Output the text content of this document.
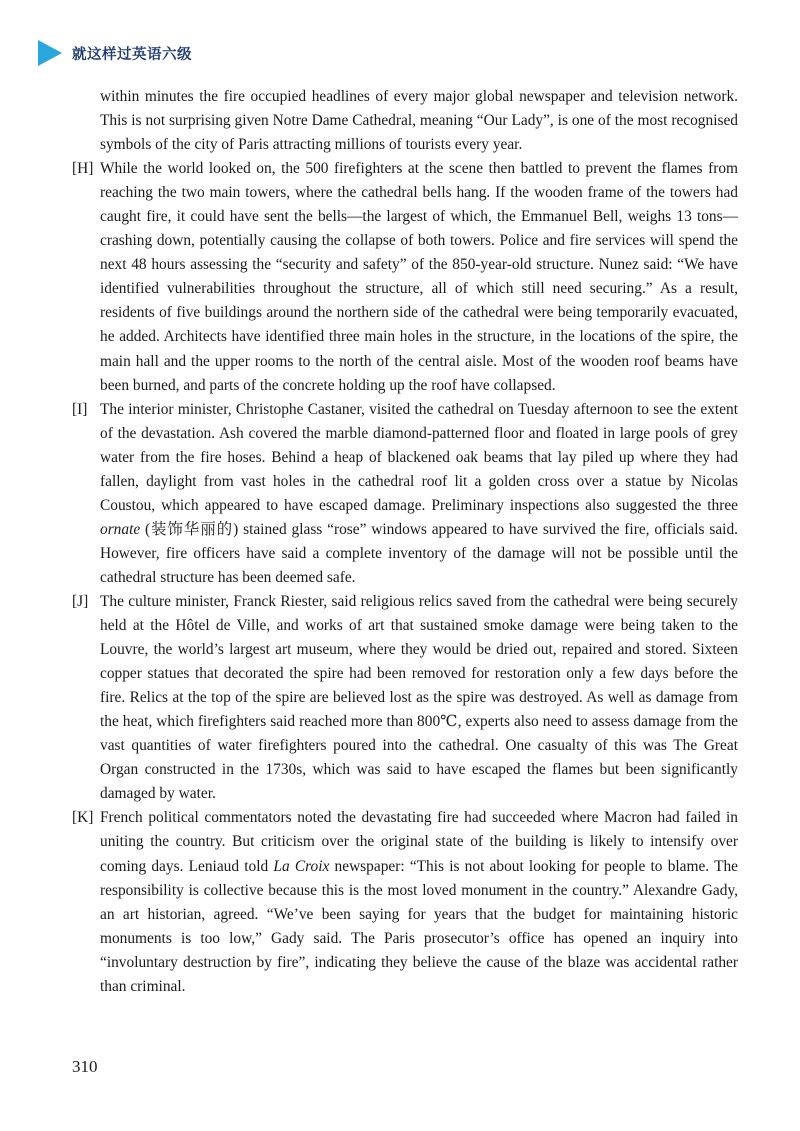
就这样过英语六级

within minutes the fire occupied headlines of every major global newspaper and television network. This is not surprising given Notre Dame Cathedral, meaning “Our Lady”, is one of the most recognised symbols of the city of Paris attracting millions of tourists every year.

[H] While the world looked on, the 500 firefighters at the scene then battled to prevent the flames from reaching the two main towers, where the cathedral bells hang. If the wooden frame of the towers had caught fire, it could have sent the bells—the largest of which, the Emmanuel Bell, weighs 13 tons—crashing down, potentially causing the collapse of both towers. Police and fire services will spend the next 48 hours assessing the “security and safety” of the 850-year-old structure. Nunez said: “We have identified vulnerabilities throughout the structure, all of which still need securing.” As a result, residents of five buildings around the northern side of the cathedral were being temporarily evacuated, he added. Architects have identified three main holes in the structure, in the locations of the spire, the main hall and the upper rooms to the north of the central aisle. Most of the wooden roof beams have been burned, and parts of the concrete holding up the roof have collapsed.

[I] The interior minister, Christophe Castaner, visited the cathedral on Tuesday afternoon to see the extent of the devastation. Ash covered the marble diamond-patterned floor and floated in large pools of grey water from the fire hoses. Behind a heap of blackened oak beams that lay piled up where they had fallen, daylight from vast holes in the cathedral roof lit a golden cross over a statue by Nicolas Coustou, which appeared to have escaped damage. Preliminary inspections also suggested the three ornate (装饰华丽的) stained glass “rose” windows appeared to have survived the fire, officials said. However, fire officers have said a complete inventory of the damage will not be possible until the cathedral structure has been deemed safe.

[J] The culture minister, Franck Riester, said religious relics saved from the cathedral were being securely held at the Hôtel de Ville, and works of art that sustained smoke damage were being taken to the Louvre, the world’s largest art museum, where they would be dried out, repaired and stored. Sixteen copper statues that decorated the spire had been removed for restoration only a few days before the fire. Relics at the top of the spire are believed lost as the spire was destroyed. As well as damage from the heat, which firefighters said reached more than 800℃, experts also need to assess damage from the vast quantities of water firefighters poured into the cathedral. One casualty of this was The Great Organ constructed in the 1730s, which was said to have escaped the flames but been significantly damaged by water.

[K] French political commentators noted the devastating fire had succeeded where Macron had failed in uniting the country. But criticism over the original state of the building is likely to intensify over coming days. Leniaud told La Croix newspaper: “This is not about looking for people to blame. The responsibility is collective because this is the most loved monument in the country.” Alexandre Gady, an art historian, agreed. “We’ve been saying for years that the budget for maintaining historic monuments is too low,” Gady said. The Paris prosecutor’s office has opened an inquiry into “involuntary destruction by fire”, indicating they believe the cause of the blaze was accidental rather than criminal.

310
